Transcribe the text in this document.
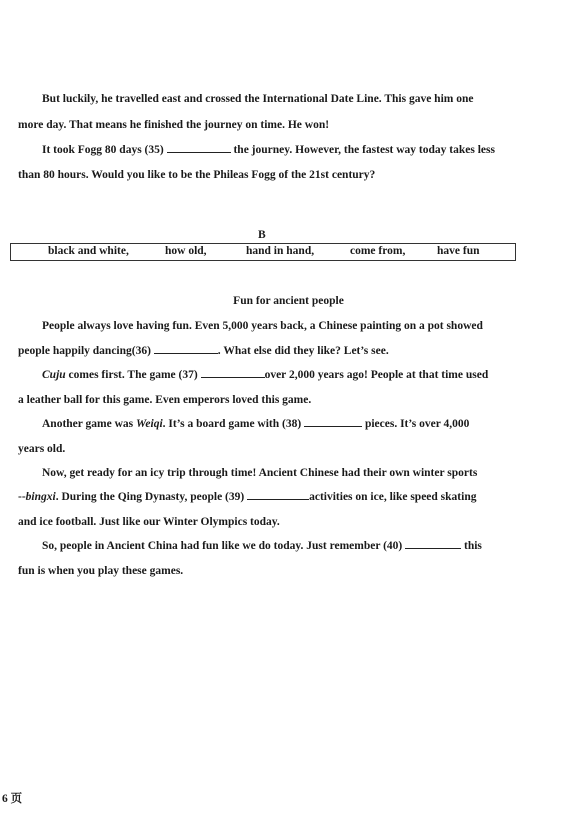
But luckily, he travelled east and crossed the International Date Line. This gave him one
more day. That means he finished the journey on time. He won!
It took Fogg 80 days (35)	the journey. However, the fastest way today takes less
than 80 hours. Would you like to be the Phileas Fogg of the 21st century?
B
black and white,	how old,	hand in hand,	come from,	have fun
Fun for ancient people
People always love having fun. Even 5,000 years back, a Chinese painting on a pot showed
people happily dancing(36)	. What else did they like? Let’s see.
Cuju comes first. The game (37)	over 2,000 years ago! People at that time used
a leather ball for this game. Even emperors loved this game.
Another game was Weiqi. It’s a board game with (38)	pieces. It’s over 4,000
years old.
Now, get ready for an icy trip through time! Ancient Chinese had their own winter sports
--bingxi. During the Qing Dynasty, people (39)	activities on ice, like speed skating
and ice football. Just like our Winter Olympics today.
So, people in Ancient China had fun like we do today. Just remember (40)	this
fun is when you play these games.
6 页
